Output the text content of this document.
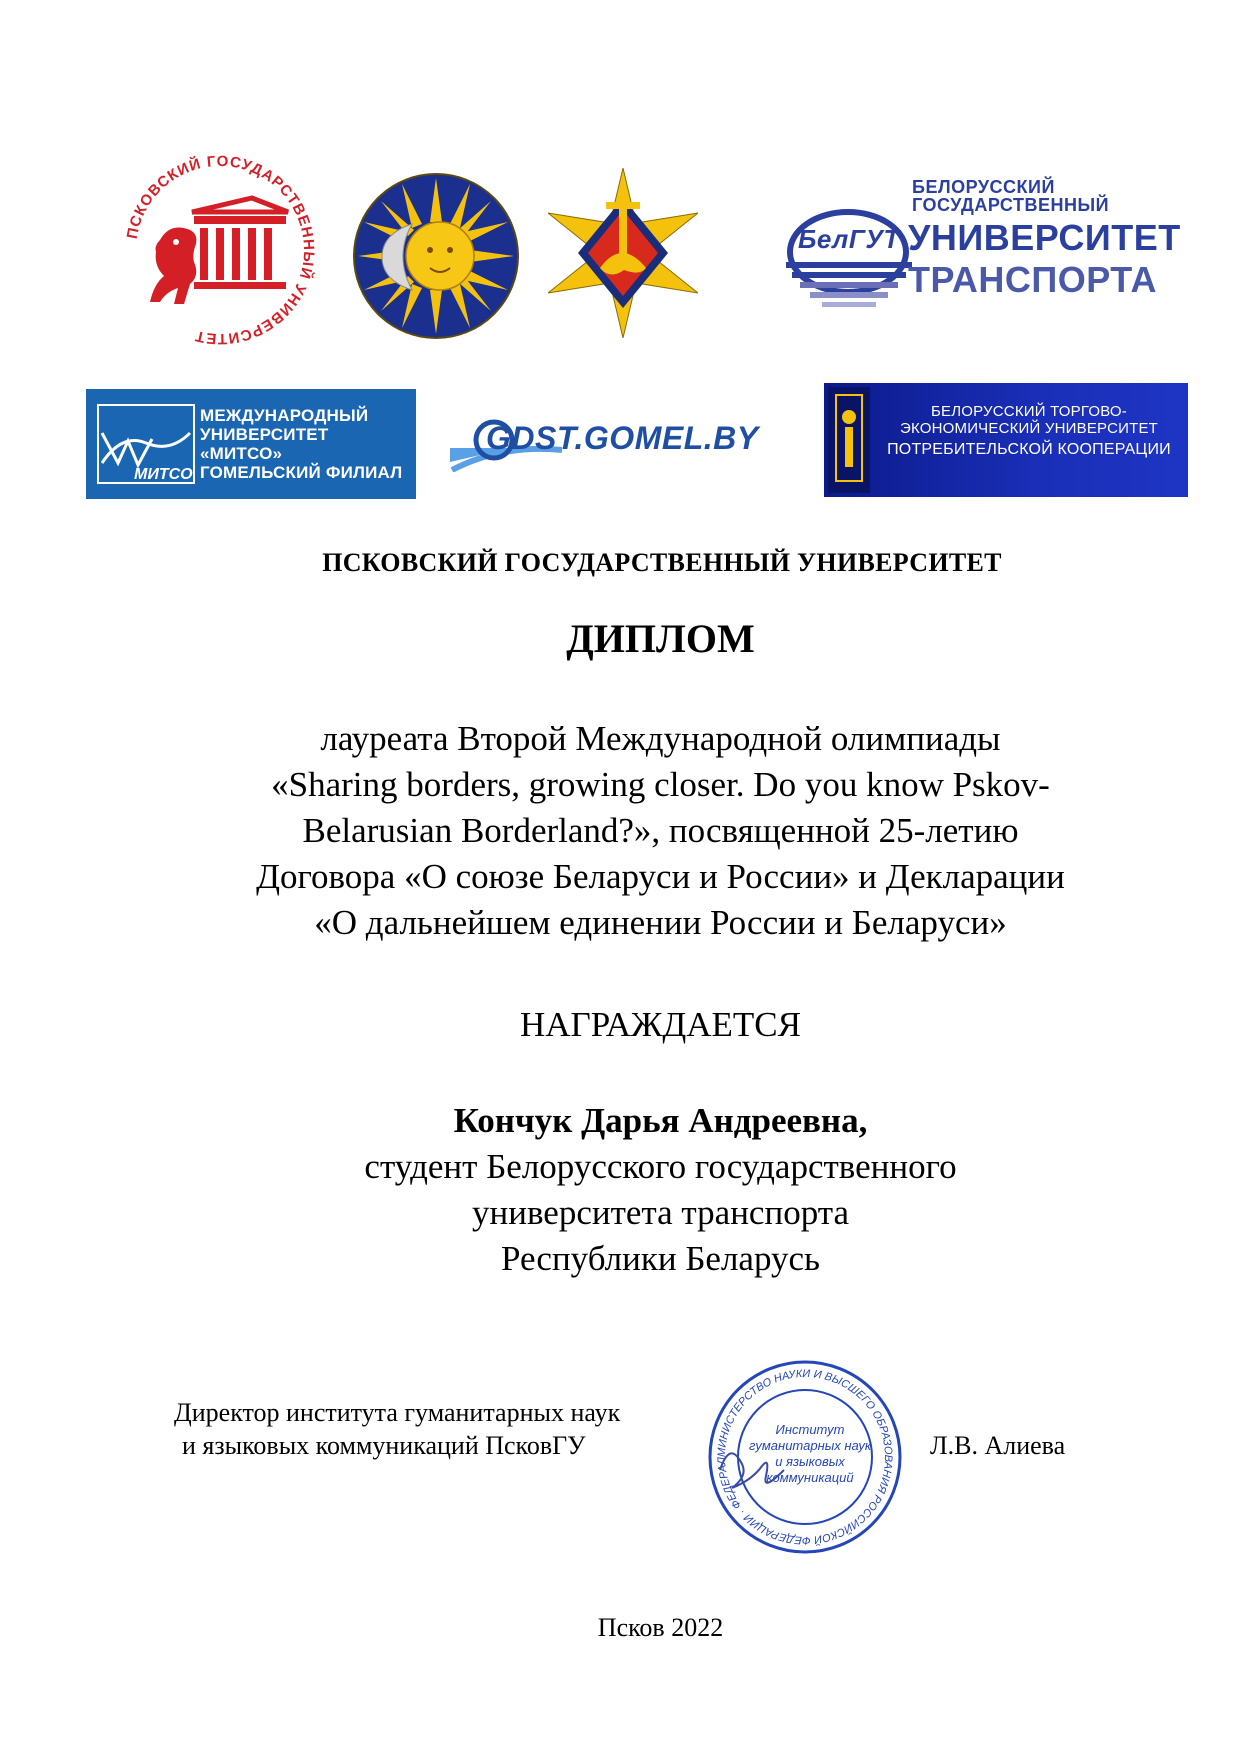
ПСКОВСКИЙ ГОСУДАРСТВЕННЫЙ УНИВЕРСИТЕТ
БелГУТ
БЕЛОРУССКИЙ
ГОСУДАРСТВЕННЫЙ
УНИВЕРСИТЕТ
ТРАНСПОРТА
МИТСО
МЕЖДУНАРОДНЫЙ
УНИВЕРСИТЕТ
«МИТСО»
ГОМЕЛЬСКИЙ ФИЛИАЛ
GDST.GOMEL.BY
БЕЛОРУССКИЙ ТОРГОВО-ЭКОНОМИЧЕСКИЙ УНИВЕРСИТЕТ
ПОТРЕБИТЕЛЬСКОЙ КООПЕРАЦИИ
ПСКОВСКИЙ ГОСУДАРСТВЕННЫЙ УНИВЕРСИТЕТ
ДИПЛОМ
лауреата Второй Международной олимпиады
«Sharing borders, growing closer. Do you know Pskov-
Belarusian Borderland?», посвященной 25-летию
Договора «О союзе Беларуси и России» и Декларации
«О дальнейшем единении России и Беларуси»
НАГРАЖДАЕТСЯ
Кончук Дарья Андреевна,
студент Белорусского государственного
университета транспорта
Республики Беларусь
Директор института гуманитарных наук
и языковых коммуникаций ПсковГУ	МИНИСТЕРСТВО НАУКИ И ВЫСШЕГО ОБРАЗОВАНИЯ РОССИЙСКОЙ ФЕДЕРАЦИИ · ФЕДЕРАЛ
Институт
гуманитарных наук
и языковых
коммуникаций
Л.В. Алиева
Псков 2022
